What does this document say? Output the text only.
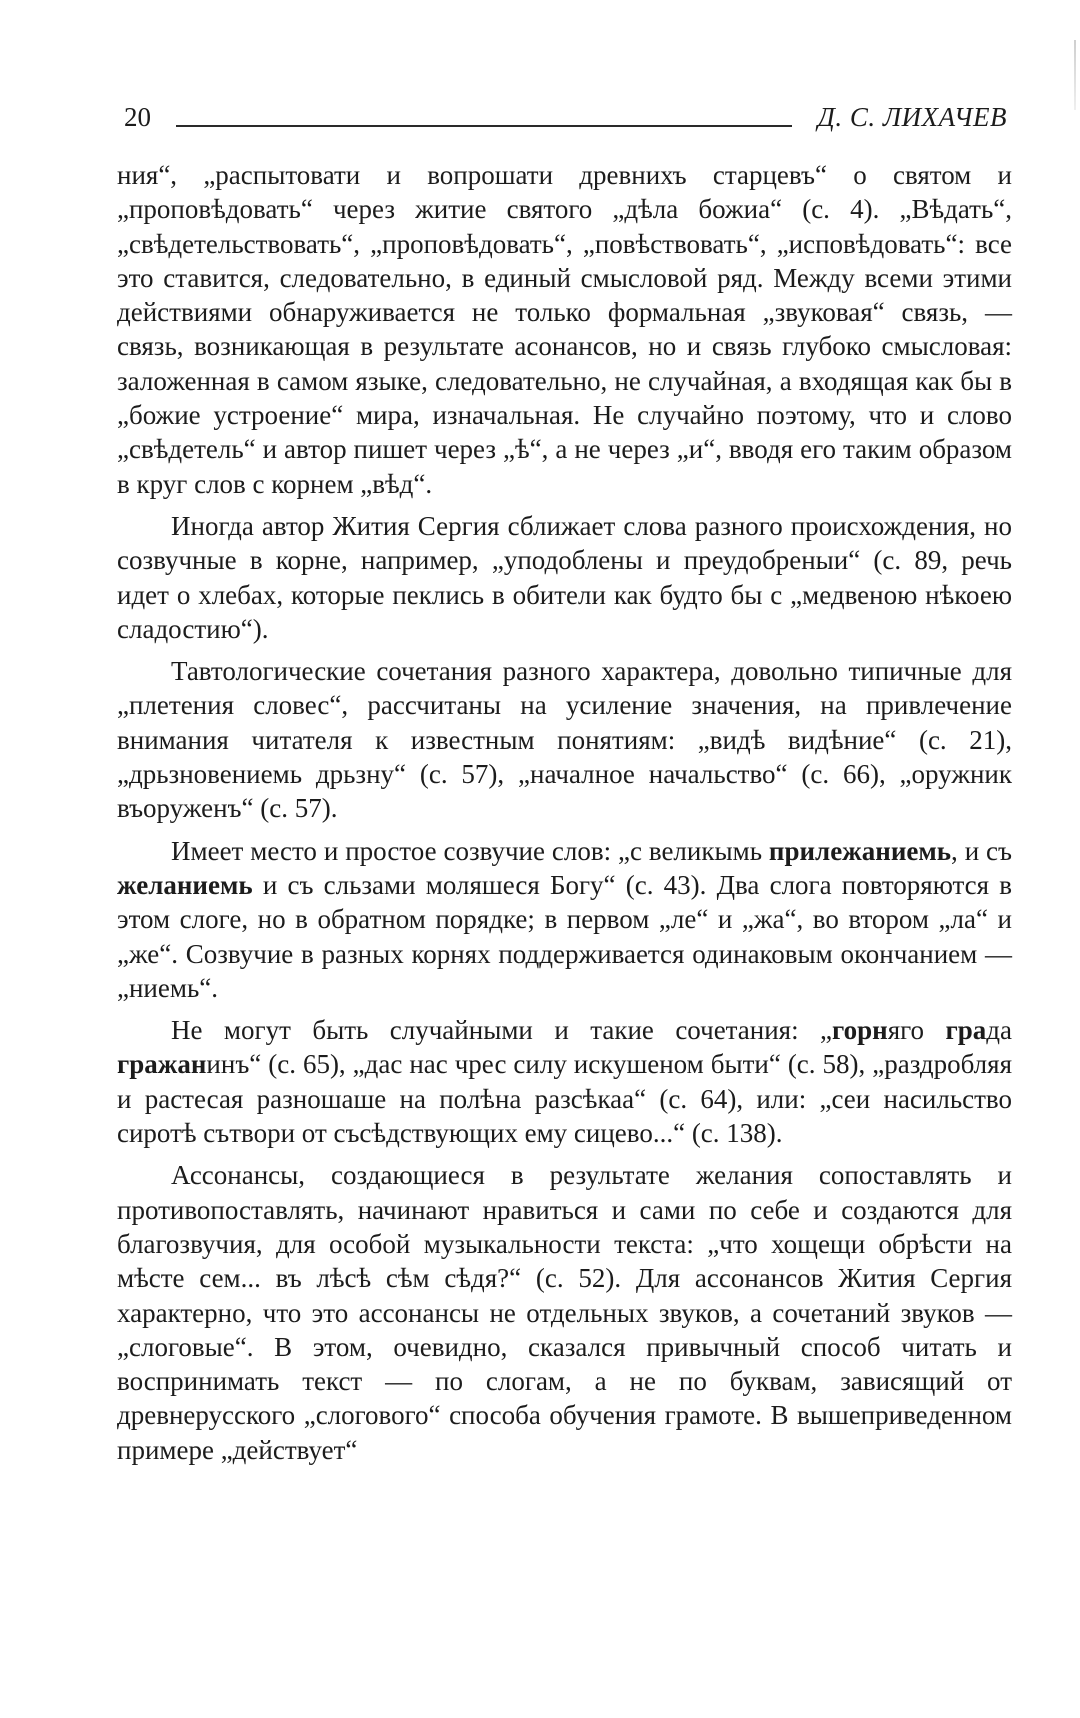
20	Д. С. ЛИХАЧЕВ

ния“, „распытовати и вопрошати древнихъ старцевъ“ о святом и „проповѣдовать“ через житие святого „дѣла божиа“ (с. 4). „Вѣдать“, „свѣдетельствовать“, „проповѣдовать“, „повѣствовать“, „исповѣдовать“: все это ставится, следовательно, в единый смысловой ряд. Между всеми этими действиями обнаруживается не только формальная „звуковая“ связь, — связь, возникающая в результате асонансов, но и связь глубоко смысловая: заложенная в самом языке, следовательно, не случайная, а входящая как бы в „божие устроение“ мира, изначальная. Не случайно поэтому, что и слово „свѣдетель“ и автор пишет через „ѣ“, а не через „и“, вводя его таким образом в круг слов с корнем „вѣд“.

Иногда автор Жития Сергия сближает слова разного происхождения, но созвучные в корне, например, „уподоблены и преудобреныи“ (с. 89, речь идет о хлебах, которые пеклись в обители как будто бы с „медвеною нѣкоею сладостию“).

Тавтологические сочетания разного характера, довольно типичные для „плетения словес“, рассчитаны на усиление значения, на привлечение внимания читателя к известным понятиям: „видѣ видѣние“ (с. 21), „дрьзновениемь дрьзну“ (с. 57), „началное начальство“ (с. 66), „оружник въоруженъ“ (с. 57).

Имеет место и простое созвучие слов: „с великымь прилежаниемь, и съ желаниемь и съ сльзами моляшеся Богу“ (с. 43). Два слога повторяются в этом слоге, но в обратном порядке; в первом „ле“ и „жа“, во втором „ла“ и „же“. Созвучие в разных корнях поддерживается одинаковым окончанием — „ниемь“.

Не могут быть случайными и такие сочетания: „горняго града гражанинъ“ (с. 65), „дас нас чрес силу искушеном быти“ (с. 58), „раздробляя и растесая разношаше на полѣна разсѣкаа“ (с. 64), или: „сеи насильство сиротѣ сътвори от съсѣдствующих ему сицево...“ (с. 138).

Ассонансы, создающиеся в результате желания сопоставлять и противопоставлять, начинают нравиться и сами по себе и создаются для благозвучия, для особой музыкальности текста: „что хощещи обрѣсти на мѣсте сем... въ лѣсѣ сѣм сѣдя?“ (с. 52). Для ассонансов Жития Сергия характерно, что это ассонансы не отдельных звуков, а сочетаний звуков — „слоговые“. В этом, очевидно, сказался привычный способ читать и воспринимать текст — по слогам, а не по буквам, зависящий от древнерусского „слогового“ способа обучения грамоте. В вышеприведенном примере „действует“
